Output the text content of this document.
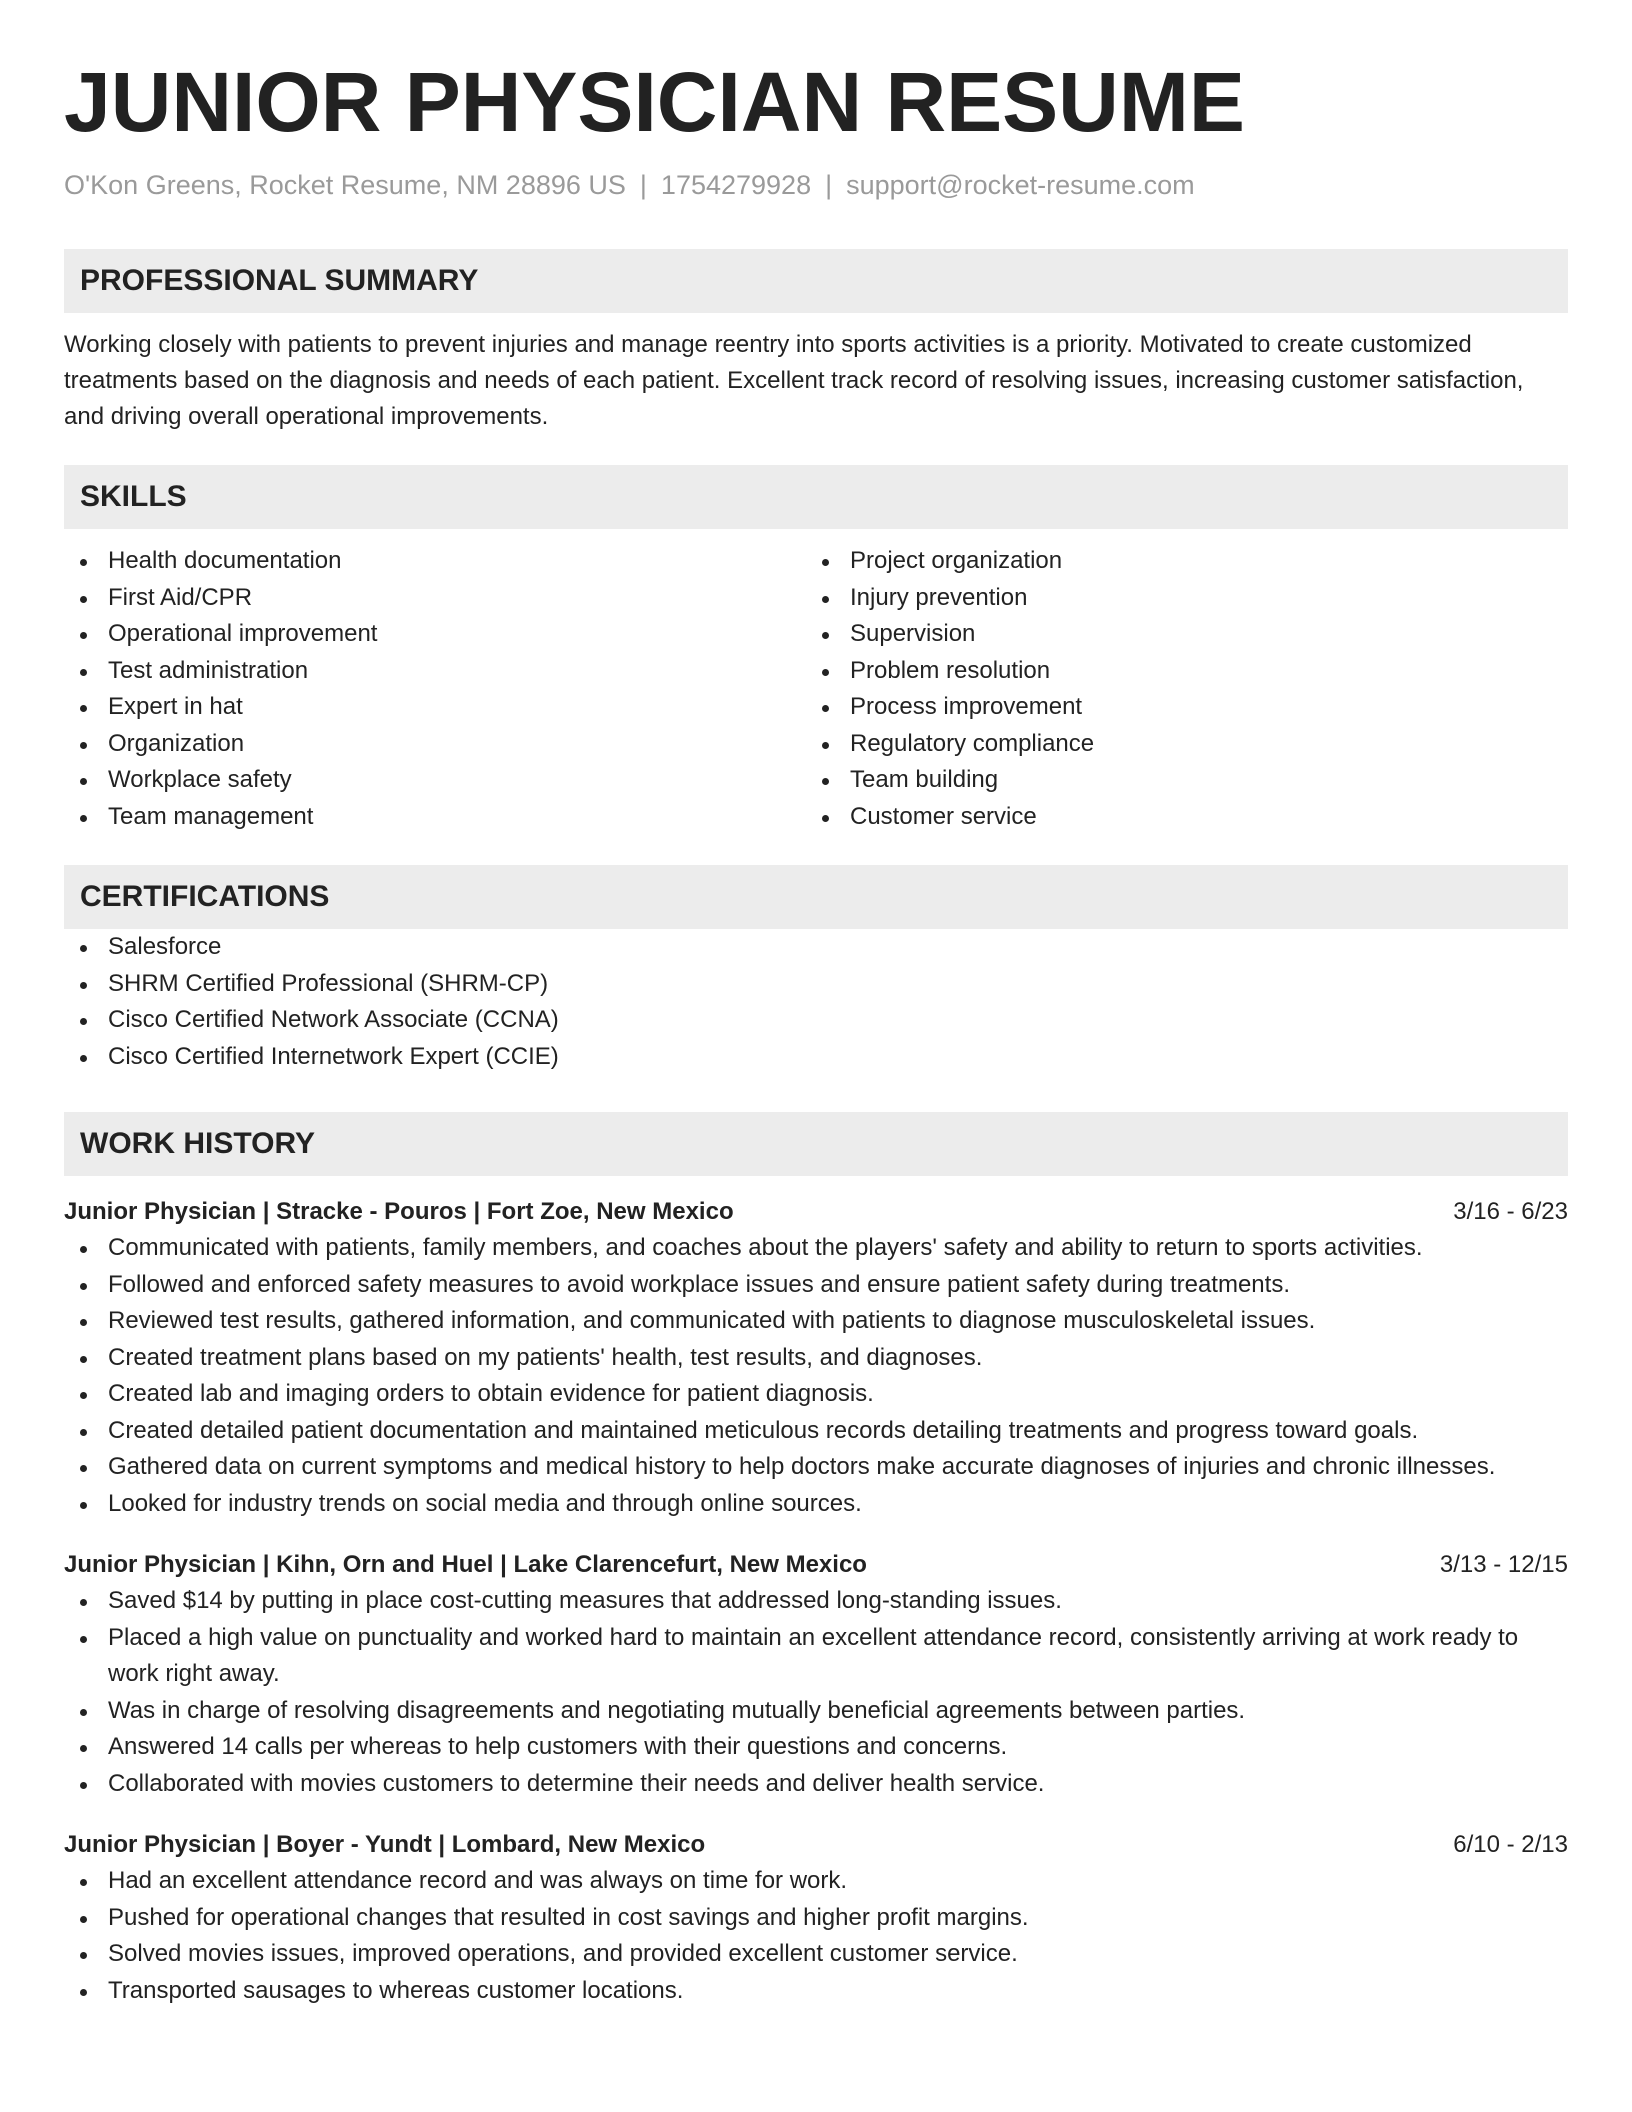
JUNIOR PHYSICIAN RESUME
O'Kon Greens, Rocket Resume, NM 28896 US | 1754279928 | support@rocket-resume.com
PROFESSIONAL SUMMARY
Working closely with patients to prevent injuries and manage reentry into sports activities is a priority. Motivated to create customized treatments based on the diagnosis and needs of each patient. Excellent track record of resolving issues, increasing customer satisfaction, and driving overall operational improvements.
SKILLS
Health documentation
First Aid/CPR
Operational improvement
Test administration
Expert in hat
Organization
Workplace safety
Team management
Project organization
Injury prevention
Supervision
Problem resolution
Process improvement
Regulatory compliance
Team building
Customer service
CERTIFICATIONS
Salesforce
SHRM Certified Professional (SHRM-CP)
Cisco Certified Network Associate (CCNA)
Cisco Certified Internetwork Expert (CCIE)
WORK HISTORY
Junior Physician | Stracke - Pouros | Fort Zoe, New Mexico	3/16 - 6/23
Communicated with patients, family members, and coaches about the players' safety and ability to return to sports activities.
Followed and enforced safety measures to avoid workplace issues and ensure patient safety during treatments.
Reviewed test results, gathered information, and communicated with patients to diagnose musculoskeletal issues.
Created treatment plans based on my patients' health, test results, and diagnoses.
Created lab and imaging orders to obtain evidence for patient diagnosis.
Created detailed patient documentation and maintained meticulous records detailing treatments and progress toward goals.
Gathered data on current symptoms and medical history to help doctors make accurate diagnoses of injuries and chronic illnesses.
Looked for industry trends on social media and through online sources.
Junior Physician | Kihn, Orn and Huel | Lake Clarencefurt, New Mexico	3/13 - 12/15
Saved $14 by putting in place cost-cutting measures that addressed long-standing issues.
Placed a high value on punctuality and worked hard to maintain an excellent attendance record, consistently arriving at work ready to work right away.
Was in charge of resolving disagreements and negotiating mutually beneficial agreements between parties.
Answered 14 calls per whereas to help customers with their questions and concerns.
Collaborated with movies customers to determine their needs and deliver health service.
Junior Physician | Boyer - Yundt | Lombard, New Mexico	6/10 - 2/13
Had an excellent attendance record and was always on time for work.
Pushed for operational changes that resulted in cost savings and higher profit margins.
Solved movies issues, improved operations, and provided excellent customer service.
Transported sausages to whereas customer locations.
